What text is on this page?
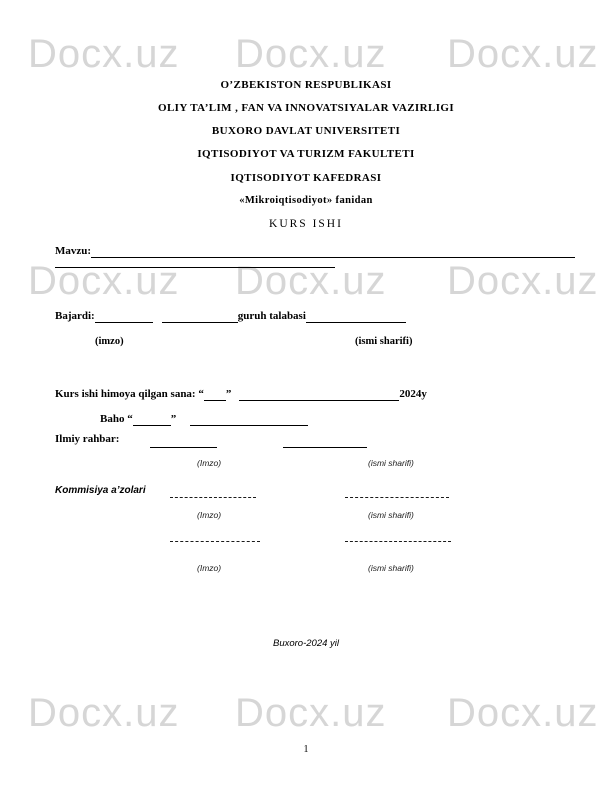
Docx.uz Docx.uz Docx.uz
Docx.uz Docx.uz Docx.uz
Docx.uz Docx.uz Docx.uz
O’ZBEKISTON RESPUBLIKASI
OLIY TA’LIM , FAN VA INNOVATSIYALAR VAZIRLIGI
BUXORO DAVLAT UNIVERSITETI
IQTISODIYOT VA TURIZM FAKULTETI
IQTISODIYOT KAFEDRASI
«Mikroiqtisodiyot» fanidan
KURS ISHI
Mavzu:
Bajardi:	guruh talabasi
(imzo)	(ismi sharifi)
Kurs ishi himoya qilgan sana: “ ”	2024y
Baho “	”
Ilmiy rahbar:
(Imzo)	(ismi sharifi)
Kommisiya a’zolari
(Imzo)	(ismi sharifi)
(Imzo)	(ismi sharifi)
Buxoro-2024 yil
1
